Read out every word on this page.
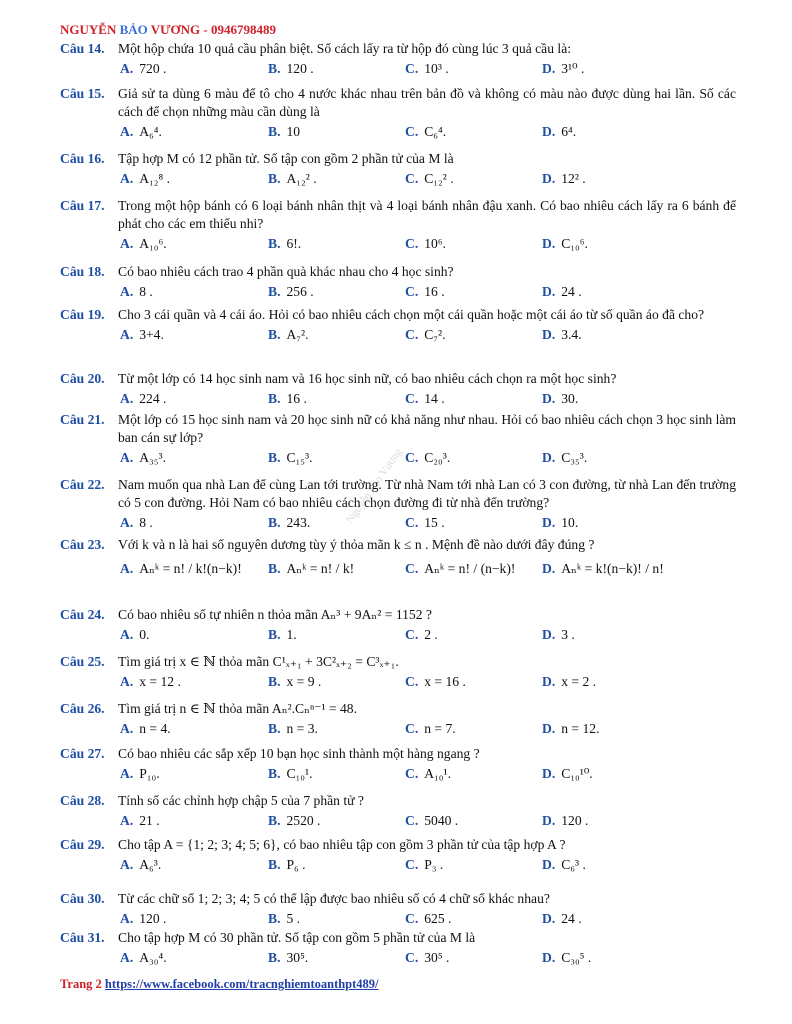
NGUYỄN BẢO VƯƠNG - 0946798489
Nguyễn Bảo Vương
Câu 14. Một hộp chứa 10 quả cầu phân biệt. Số cách lấy ra từ hộp đó cùng lúc 3 quả cầu là:
A. 720 .	B. 120 .	C. 10³ .	D. 3¹⁰ .
Câu 15. Giả sử ta dùng 6 màu để tô cho 4 nước khác nhau trên bản đồ và không có màu nào được dùng hai lần. Số các cách để chọn những màu cần dùng là
A. A₆⁴.	B. 10	C. C₆⁴.	D. 6⁴.
Câu 16. Tập hợp M có 12 phần tử. Số tập con gồm 2 phần tử của M là
A. A₁₂⁸ .	B. A₁₂² .	C. C₁₂² .	D. 12² .
Câu 17. Trong một hộp bánh có 6 loại bánh nhân thịt và 4 loại bánh nhân đậu xanh. Có bao nhiêu cách lấy ra 6 bánh để phát cho các em thiếu nhi?
A. A₁₀⁶.	B. 6!.	C. 10⁶.	D. C₁₀⁶.
Câu 18. Có bao nhiêu cách trao 4 phần quà khác nhau cho 4 học sinh?
A. 8 .	B. 256 .	C. 16 .	D. 24 .
Câu 19. Cho 3 cái quần và 4 cái áo. Hỏi có bao nhiêu cách chọn một cái quần hoặc một cái áo từ số quần áo đã cho?
A. 3+4.	B. A₇².	C. C₇².	D. 3.4.
Câu 20. Từ một lớp có 14 học sinh nam và 16 học sinh nữ, có bao nhiêu cách chọn ra một học sinh?
A. 224 .	B. 16 .	C. 14 .	D. 30.
Câu 21. Một lớp có 15 học sinh nam và 20 học sinh nữ có khả năng như nhau. Hỏi có bao nhiêu cách chọn 3 học sinh làm ban cán sự lớp?
A. A₃₅³.	B. C₁₅³.	C. C₂₀³.	D. C₃₅³.
Câu 22. Nam muốn qua nhà Lan để cùng Lan tới trường. Từ nhà Nam tới nhà Lan có 3 con đường, từ nhà Lan đến trường có 5 con đường. Hỏi Nam có bao nhiêu cách chọn đường đi từ nhà đến trường?
A. 8 .	B. 243.	C. 15 .	D. 10.
Câu 23. Với k và n là hai số nguyên dương tùy ý thỏa mãn k ≤ n . Mệnh đề nào dưới đây đúng ?
A. Aₙᵏ = n! / k!(n−k)! B. Aₙᵏ = n! / k!	C. Aₙᵏ = n! / (n−k)! D. Aₙᵏ = k!(n−k)! / n!
Câu 24. Có bao nhiêu số tự nhiên n thỏa mãn Aₙ³ + 9Aₙ² = 1152 ?
A. 0.	B. 1.	C. 2 .	D. 3 .
Câu 25. Tìm giá trị x ∈ ℕ thỏa mãn C¹ₓ₊₁ + 3C²ₓ₊₂ = C³ₓ₊₁.
A. x = 12 .	B. x = 9 .	C. x = 16 .	D. x = 2 .
Câu 26. Tìm giá trị n ∈ ℕ thỏa mãn Aₙ².Cₙⁿ⁻¹ = 48.
A. n = 4.	B. n = 3.	C. n = 7.	D. n = 12.
Câu 27. Có bao nhiêu các sắp xếp 10 bạn học sinh thành một hàng ngang ?
A. P₁₀.	B. C₁₀¹.	C. A₁₀¹.	D. C₁₀¹⁰.
Câu 28. Tính số các chỉnh hợp chập 5 của 7 phần tử ?
A. 21 .	B. 2520 .	C. 5040 .	D. 120 .
Câu 29. Cho tập A = {1; 2; 3; 4; 5; 6}, có bao nhiêu tập con gồm 3 phần tử của tập hợp A ?
A. A₆³.	B. P₆ .	C. P₃ .	D. C₆³ .
Câu 30. Từ các chữ số 1; 2; 3; 4; 5 có thể lập được bao nhiêu số có 4 chữ số khác nhau?
A. 120 .	B. 5 .	C. 625 .	D. 24 .
Câu 31. Cho tập hợp M có 30 phần tử. Số tập con gồm 5 phần tử của M là
A. A₃₀⁴.	B. 30⁵.	C. 30⁵ .	D. C₃₀⁵ .
Trang 2 https://www.facebook.com/tracnghiemtoanthpt489/
